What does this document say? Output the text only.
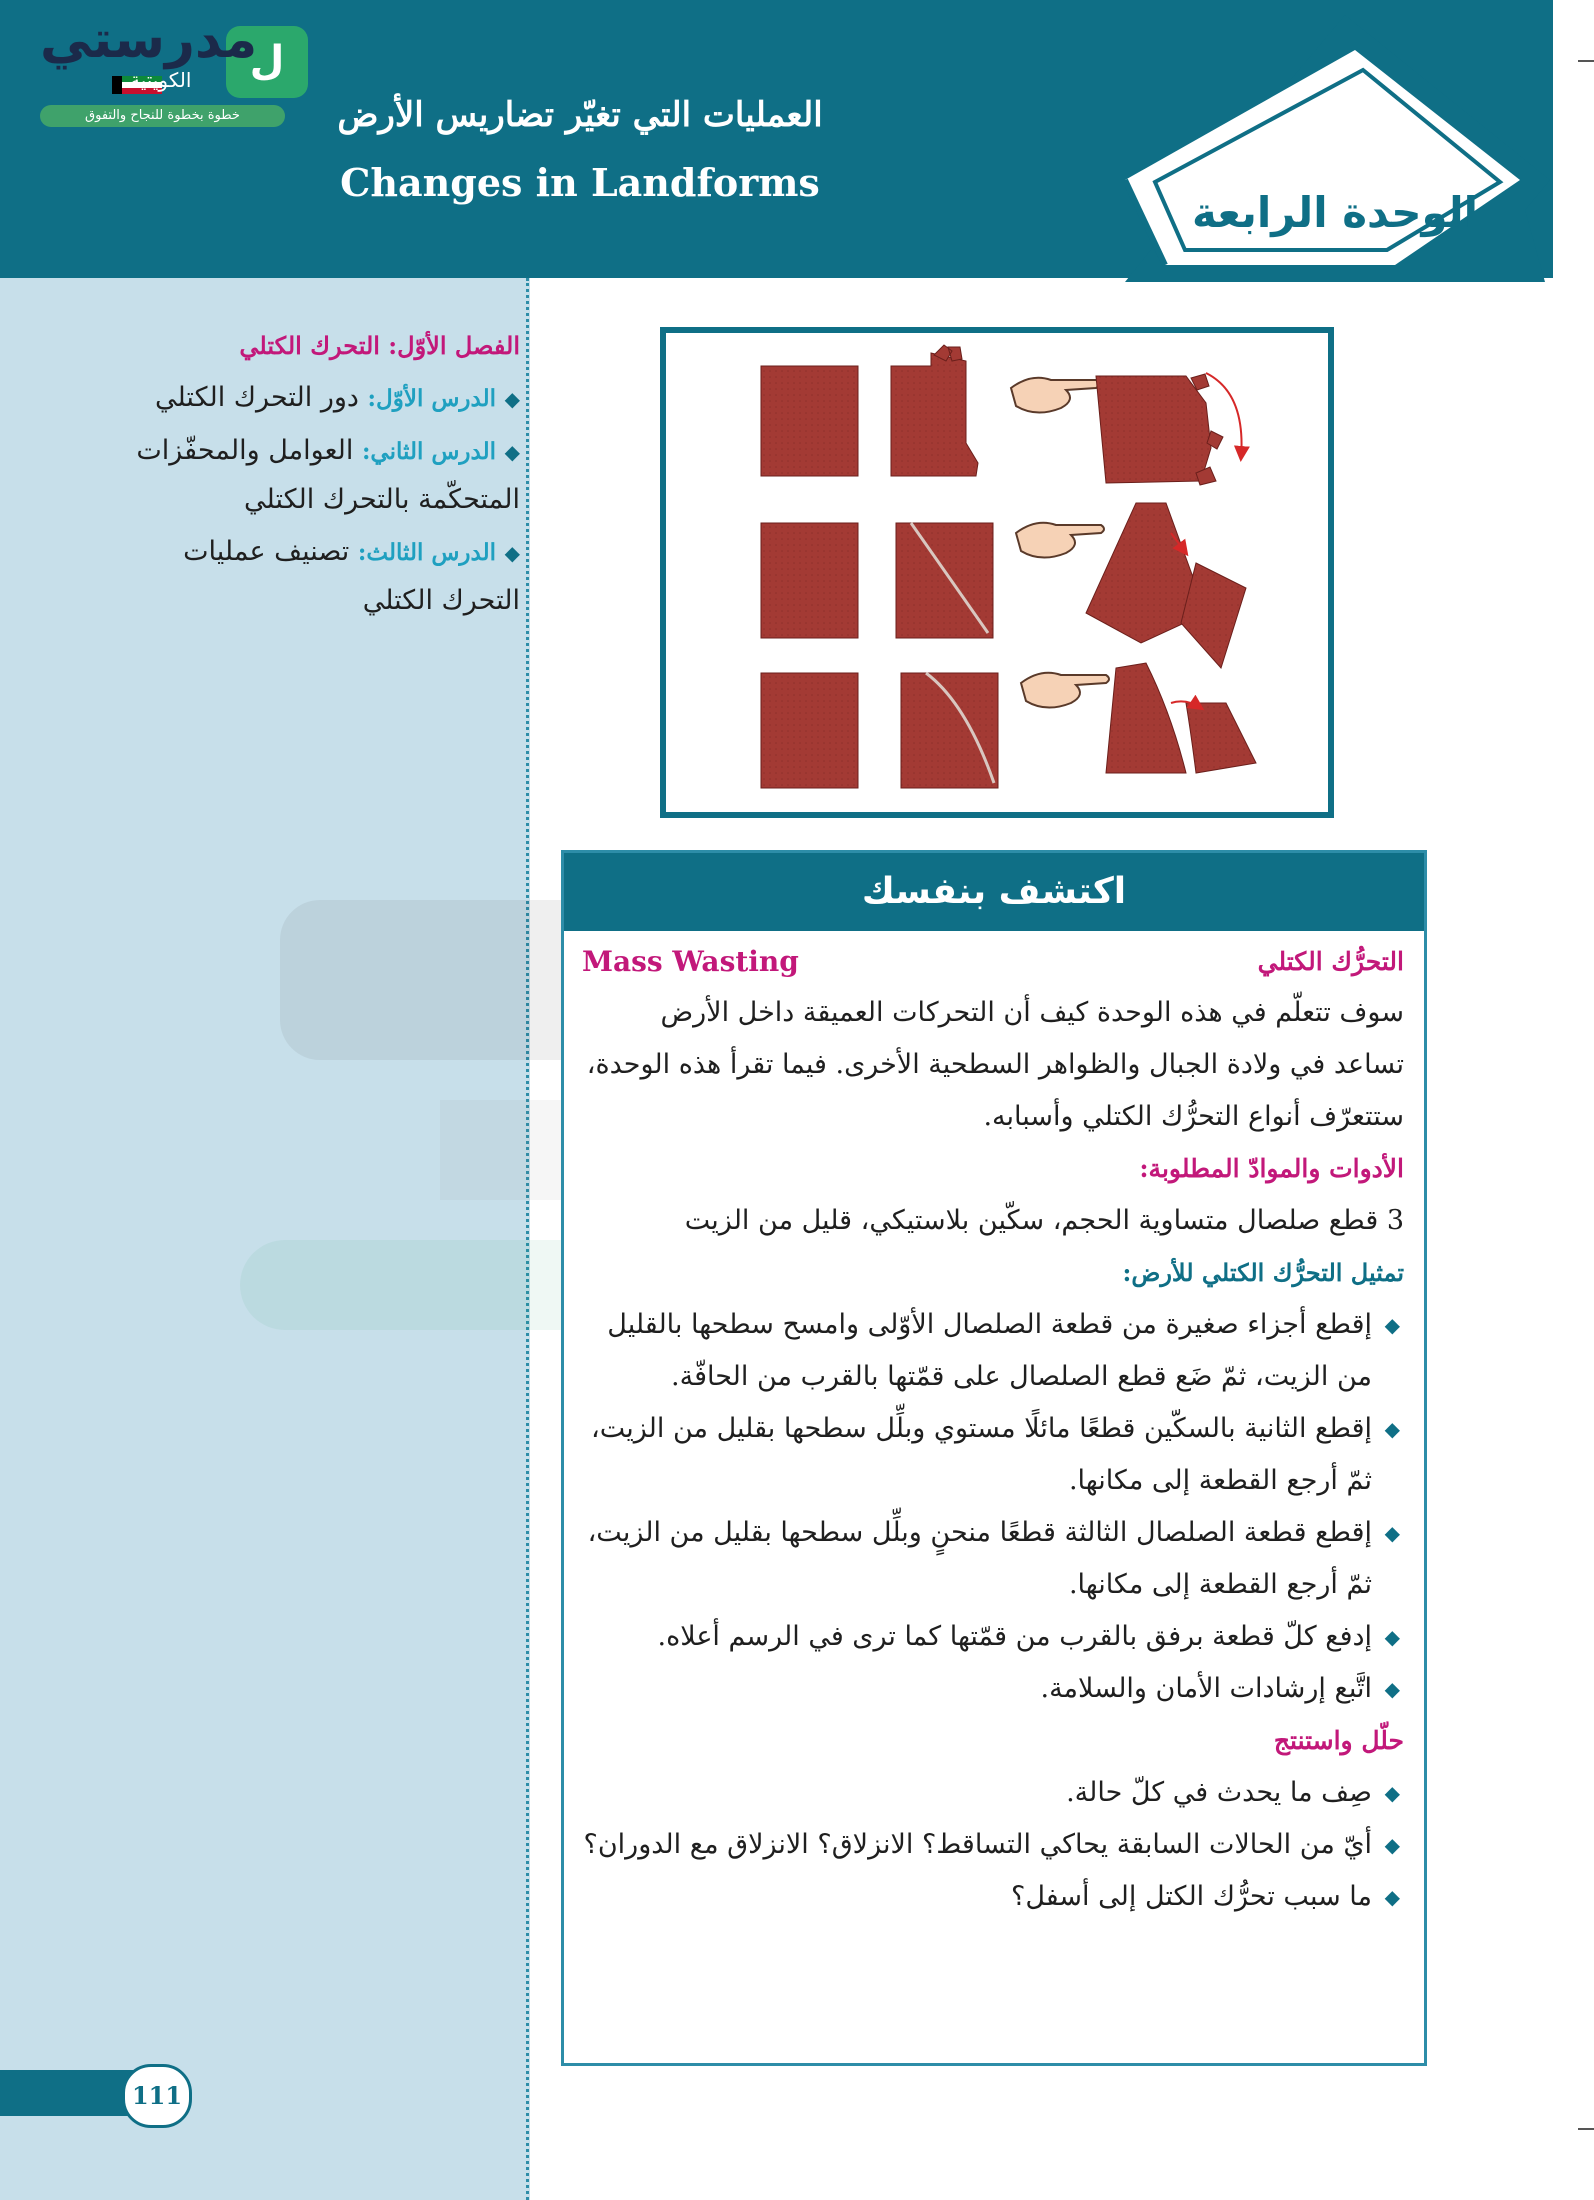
ل
مدرستي
الكويتية
خطوة بخطوة للنجاح والتفوق	العمليات التي تغيّر تضاريس الأرض
Changes in Landforms
الوحدة الرابعة
الفصل الأوّل: التحرك الكتلي
◆ الدرس الأوّل: دور التحرك الكتلي
◆ الدرس الثاني: العوامل والمحفّزات المتحكّمة بالتحرك الكتلي
◆ الدرس الثالث: تصنيف عمليات التحرك الكتلي
111
اكتشف بنفسك
التحرُّك الكتلي
Mass Wasting
سوف تتعلّم في هذه الوحدة كيف أن التحركات العميقة داخل الأرض تساعد في ولادة الجبال والظواهر السطحية الأخرى. فيما تقرأ هذه الوحدة، ستتعرّف أنواع التحرُّك الكتلي وأسبابه.
الأدوات والموادّ المطلوبة:
3 قطع صلصال متساوية الحجم، سكّين بلاستيكي، قليل من الزيت
تمثيل التحرُّك الكتلي للأرض:
◆
إقطع أجزاء صغيرة من قطعة الصلصال الأوّلى وامسح سطحها بالقليل من الزيت، ثمّ ضَع قطع الصلصال على قمّتها بالقرب من الحافّة.
◆
إقطع الثانية بالسكّين قطعًا مائلًا مستوي وبلِّل سطحها بقليل من الزيت، ثمّ أرجع القطعة إلى مكانها.
◆
إقطع قطعة الصلصال الثالثة قطعًا منحنٍ وبلِّل سطحها بقليل من الزيت، ثمّ أرجع القطعة إلى مكانها.
◆
إدفع كلّ قطعة برفق بالقرب من قمّتها كما ترى في الرسم أعلاه.
◆
اتَّبع إرشادات الأمان والسلامة.
حلّل واستنتج
◆
صِف ما يحدث في كلّ حالة.
◆
أيّ من الحالات السابقة يحاكي التساقط؟ الانزلاق؟ الانزلاق مع الدوران؟
◆
ما سبب تحرُّك الكتل إلى أسفل؟
